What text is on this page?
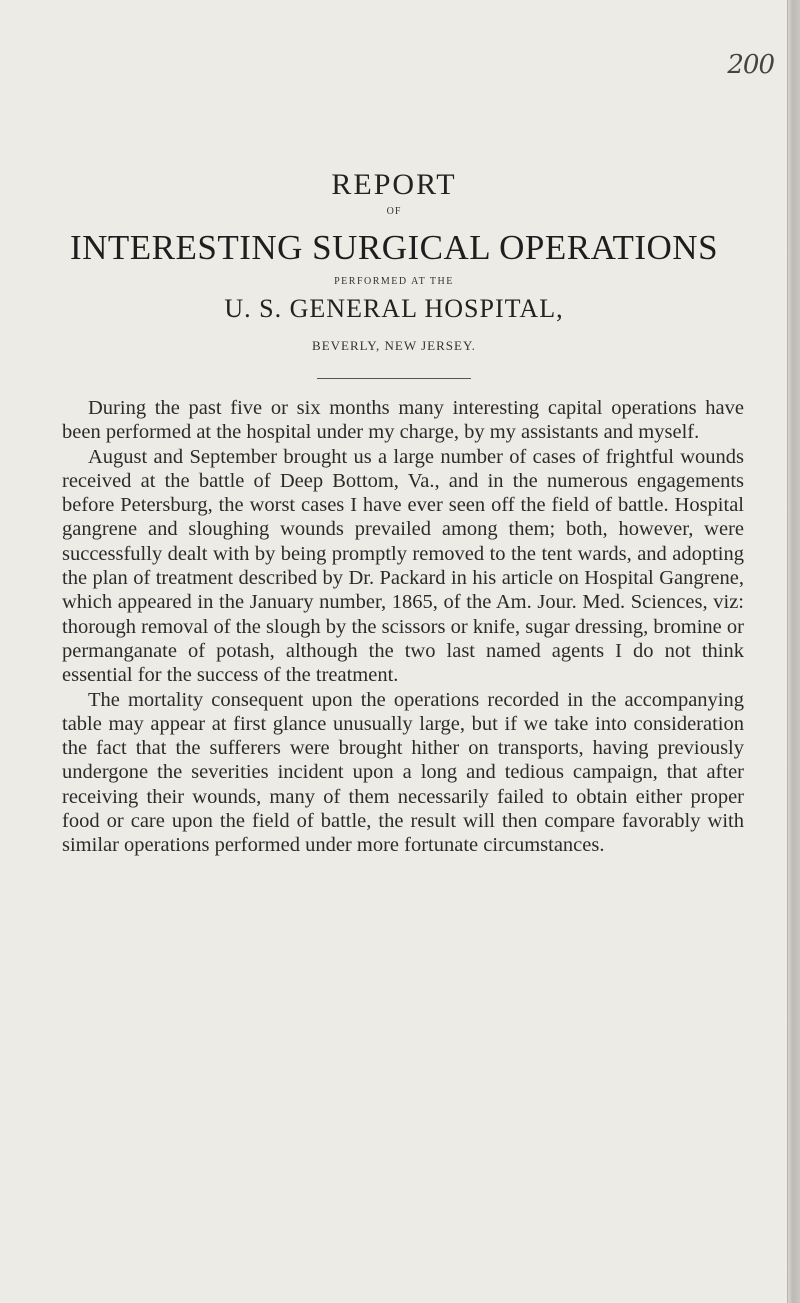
200
REPORT
OF
INTERESTING SURGICAL OPERATIONS
PERFORMED AT THE
U. S. GENERAL HOSPITAL,
BEVERLY, NEW JERSEY.

During the past five or six months many interesting capital operations have been performed at the hospital under my charge, by my assistants and myself.

August and September brought us a large number of cases of frightful wounds received at the battle of Deep Bottom, Va., and in the numerous engagements before Petersburg, the worst cases I have ever seen off the field of battle. Hospital gangrene and sloughing wounds prevailed among them; both, however, were successfully dealt with by being promptly removed to the tent wards, and adopting the plan of treatment described by Dr. Packard in his article on Hospital Gangrene, which appeared in the January number, 1865, of the Am. Jour. Med. Sciences, viz: thorough removal of the slough by the scissors or knife, sugar dressing, bromine or permanganate of potash, although the two last named agents I do not think essential for the success of the treatment.

The mortality consequent upon the operations recorded in the accompanying table may appear at first glance unusually large, but if we take into consideration the fact that the sufferers were brought hither on transports, having previously undergone the severities incident upon a long and tedious campaign, that after receiving their wounds, many of them necessarily failed to obtain either proper food or care upon the field of battle, the result will then compare favorably with similar operations performed under more fortunate circumstances.
